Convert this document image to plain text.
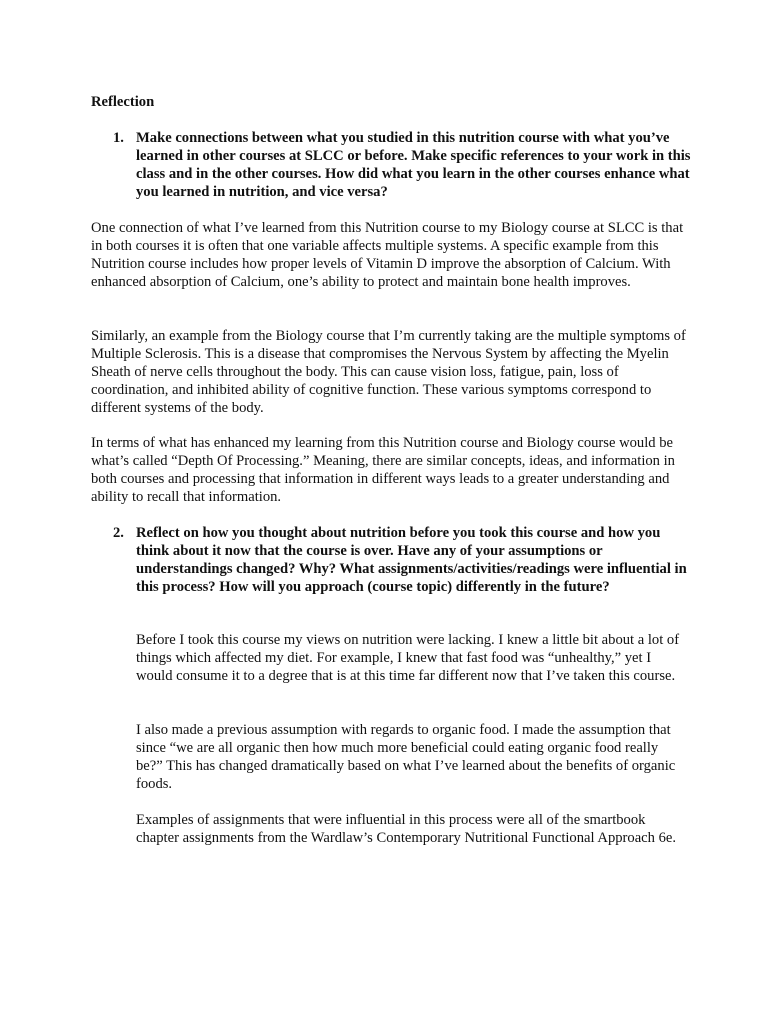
Reflection

1. Make connections between what you studied in this nutrition course with what you’ve learned in other courses at SLCC or before. Make specific references to your work in this class and in the other courses. How did what you learn in the other courses enhance what you learned in nutrition, and vice versa?

One connection of what I’ve learned from this Nutrition course to my Biology course at SLCC is that in both courses it is often that one variable affects multiple systems. A specific example from this Nutrition course includes how proper levels of Vitamin D improve the absorption of Calcium. With enhanced absorption of Calcium, one’s ability to protect and maintain bone health improves.

Similarly, an example from the Biology course that I’m currently taking are the multiple symptoms of Multiple Sclerosis. This is a disease that compromises the Nervous System by affecting the Myelin Sheath of nerve cells throughout the body. This can cause vision loss, fatigue, pain, loss of coordination, and inhibited ability of cognitive function. These various symptoms correspond to different systems of the body.

In terms of what has enhanced my learning from this Nutrition course and Biology course would be what’s called “Depth Of Processing.” Meaning, there are similar concepts, ideas, and information in both courses and processing that information in different ways leads to a greater understanding and ability to recall that information.

2. Reflect on how you thought about nutrition before you took this course and how you think about it now that the course is over. Have any of your assumptions or understandings changed? Why? What assignments/activities/readings were influential in this process? How will you approach (course topic) differently in the future?

Before I took this course my views on nutrition were lacking. I knew a little bit about a lot of things which affected my diet. For example, I knew that fast food was “unhealthy,” yet I would consume it to a degree that is at this time far different now that I’ve taken this course.

I also made a previous assumption with regards to organic food. I made the assumption that since “we are all organic then how much more beneficial could eating organic food really be?” This has changed dramatically based on what I’ve learned about the benefits of organic foods.

Examples of assignments that were influential in this process were all of the smartbook chapter assignments from the Wardlaw’s Contemporary Nutritional Functional Approach 6e.
